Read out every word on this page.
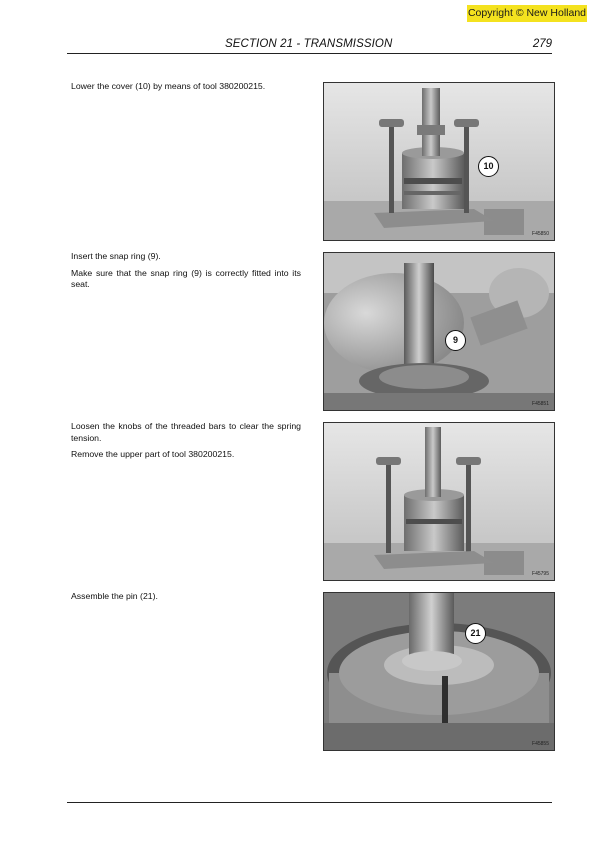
Copyright © New Holland
SECTION 21 - TRANSMISSION	279

Lower the cover (10) by means of tool 380200215.

10
F45850

Insert the snap ring (9).

Make sure that the snap ring (9) is correctly fitted into its seat.

9
F45851

Loosen the knobs of the threaded bars to clear the spring tension.

Remove the upper part of tool 380200215.

F45795

Assemble the pin (21).

21
F45855
